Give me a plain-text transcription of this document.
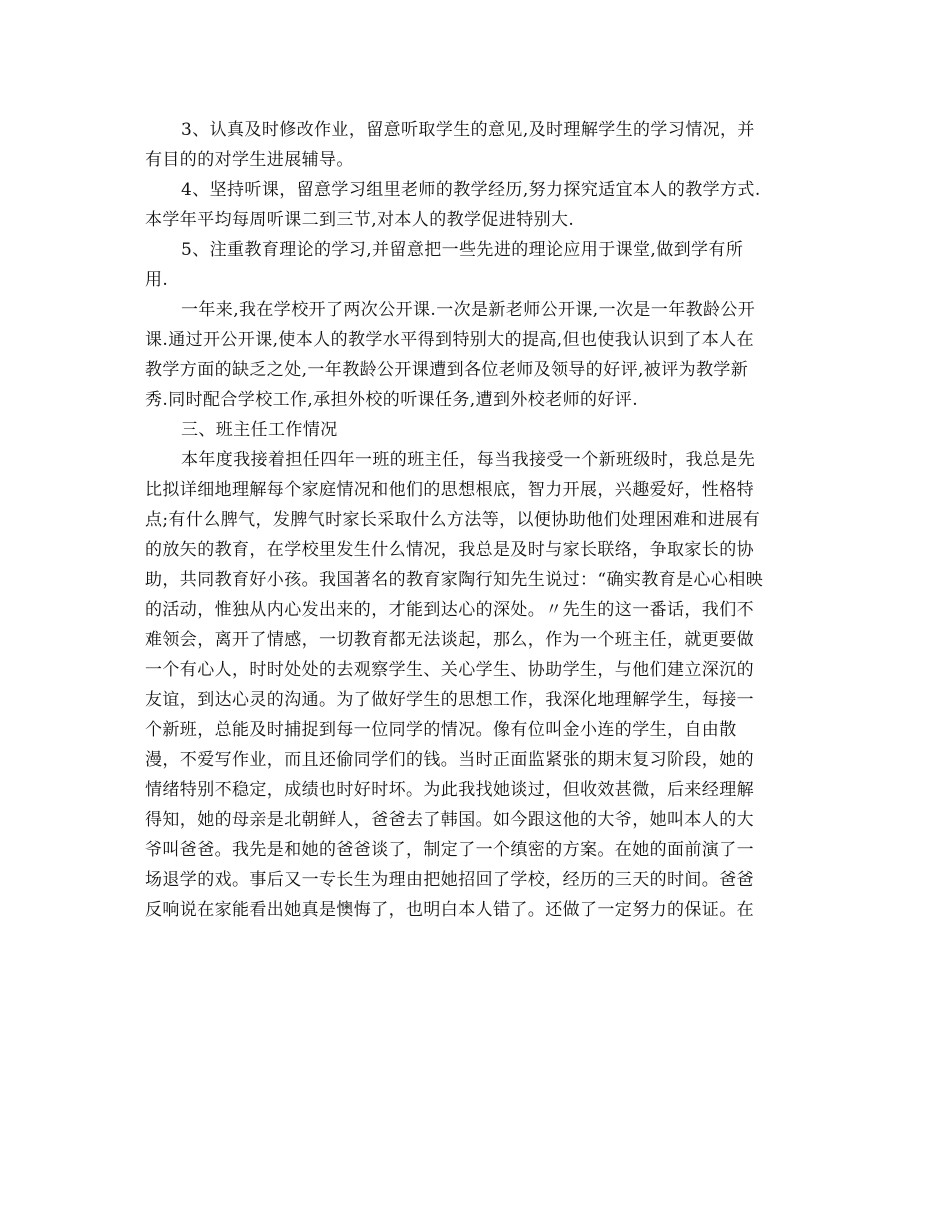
3、认真及时修改作业，留意听取学生的意见,及时理解学生的学习情况，并
有目的的对学生进展辅导。
4、坚持听课，留意学习组里老师的教学经历,努力探究适宜本人的教学方式.
本学年平均每周听课二到三节,对本人的教学促进特别大.
5、注重教育理论的学习,并留意把一些先进的理论应用于课堂,做到学有所
用.
一年来,我在学校开了两次公开课.一次是新老师公开课,一次是一年教龄公开
课.通过开公开课,使本人的教学水平得到特别大的提高,但也使我认识到了本人在
教学方面的缺乏之处,一年教龄公开课遭到各位老师及领导的好评,被评为教学新
秀.同时配合学校工作,承担外校的听课任务,遭到外校老师的好评.
三、班主任工作情况
本年度我接着担任四年一班的班主任，每当我接受一个新班级时，我总是先
比拟详细地理解每个家庭情况和他们的思想根底，智力开展，兴趣爱好，性格特
点;有什么脾气，发脾气时家长采取什么方法等，以便协助他们处理困难和进展有
的放矢的教育，在学校里发生什么情况，我总是及时与家长联络，争取家长的协
助，共同教育好小孩。我国著名的教育家陶行知先生说过：“确实教育是心心相映
的活动，惟独从内心发出来的，才能到达心的深处。〃先生的这一番话，我们不
难领会，离开了情感，一切教育都无法谈起，那么，作为一个班主任，就更要做
一个有心人，时时处处的去观察学生、关心学生、协助学生，与他们建立深沉的
友谊，到达心灵的沟通。为了做好学生的思想工作，我深化地理解学生，每接一
个新班，总能及时捕捉到每一位同学的情况。像有位叫金小连的学生，自由散
漫，不爱写作业，而且还偷同学们的钱。当时正面监紧张的期末复习阶段，她的
情绪特别不稳定，成绩也时好时坏。为此我找她谈过，但收效甚微，后来经理解
得知，她的母亲是北朝鲜人，爸爸去了韩国。如今跟这他的大爷，她叫本人的大
爷叫爸爸。我先是和她的爸爸谈了，制定了一个缜密的方案。在她的面前演了一
场退学的戏。事后又一专长生为理由把她招回了学校，经历的三天的时间。爸爸
反响说在家能看出她真是懊悔了，也明白本人错了。还做了一定努力的保证。在
